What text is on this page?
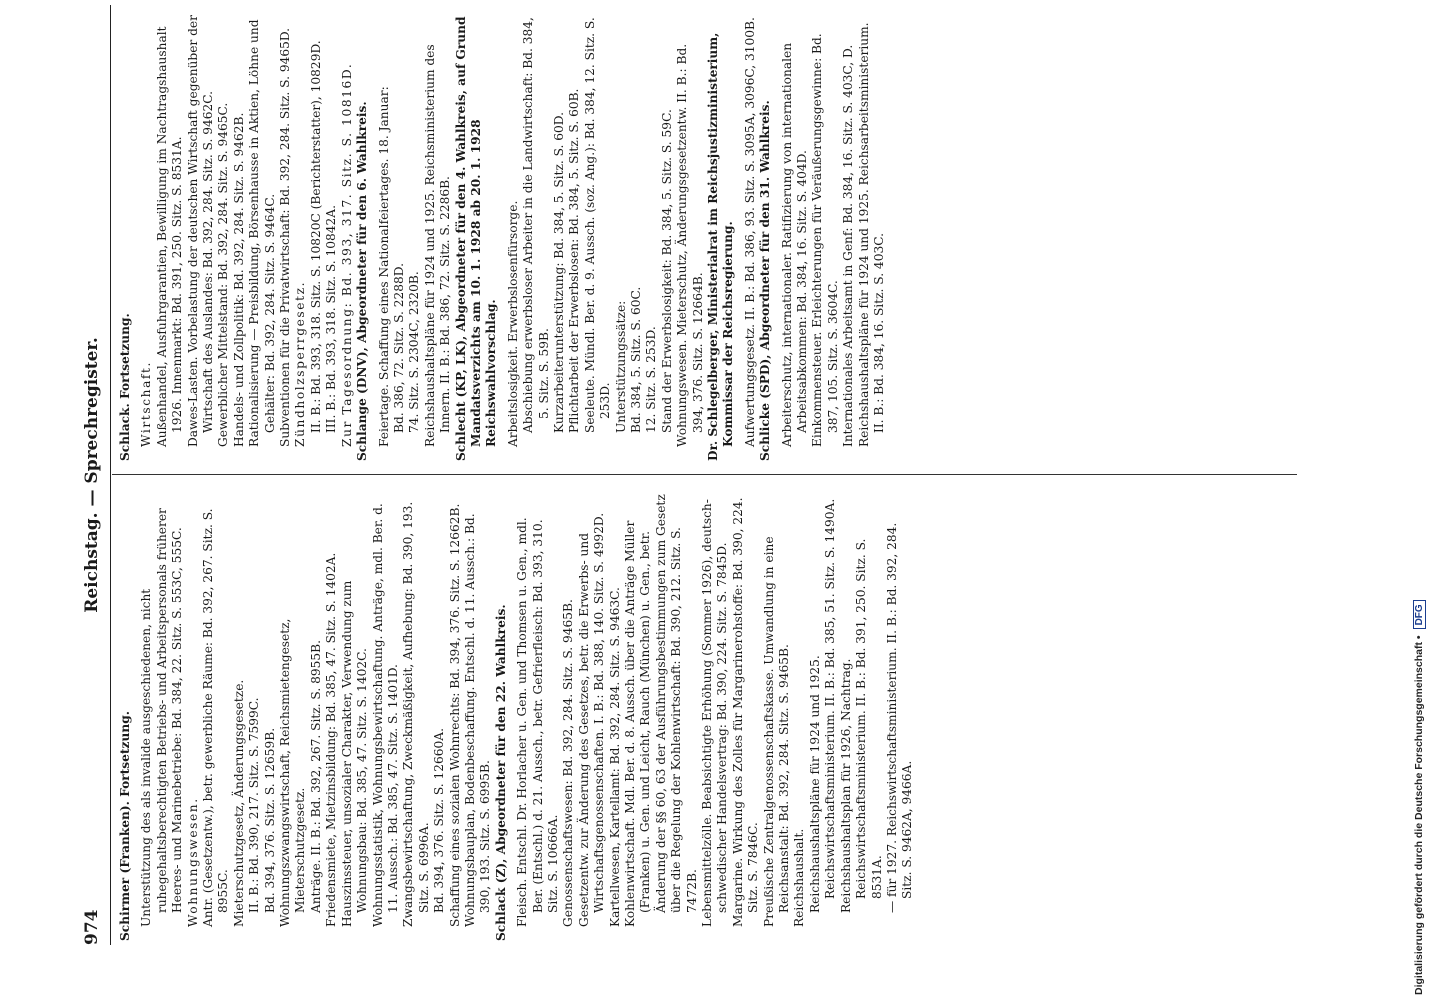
974
Reichstag. — Sprechregister.

Schirmer (Franken). Fortsetzung. Unterstützung des als invalide ausgeschiedenen, nicht ruhegehaltsberechtigten Betriebs- und Arbeitspersonals früherer Heeres- und Marinebetriebe: Bd. 384, 22. Sitz. S. 553C, 555C. Wohnungswesen. Antr. (Gesetzentw.), betr. gewerbliche Räume: Bd. 392, 267. Sitz. S. 8955C. Mieterschutzgesetz, Änderungsgesetze. II. B.: Bd. 390, 217. Sitz. S. 7599C. Bd. 394, 376. Sitz. S. 12659B. Wohnungszwangswirtschaft, Reichsmietengesetz, Mieterschutzgesetz. Anträge. II. B.: Bd. 392, 267. Sitz. S. 8955B. Friedensmiete, Mietzinsbildung: Bd. 385, 47. Sitz. S. 1402A. Hauszinssteuer, unsozialer Charakter, Verwendung zum Wohnungsbau: Bd. 385, 47. Sitz. S. 1402C. Wohnungsstatistik, Wohnungsbewirtschaftung. Anträge, mdl. Ber. d. 11. Aussch.: Bd. 385, 47. Sitz. S. 1401D. Zwangsbewirtschaftung, Zweckmäßigkeit, Aufhebung: Bd. 390, 193. Sitz. S. 6996A. Bd. 394, 376. Sitz. S. 12660A. Schaffung eines sozialen Wohnrechts: Bd. 394, 376. Sitz. S. 12662B. Wohnungsbauplan, Bodenbeschaffung. Entschl. d. 11. Aussch.: Bd. 390, 193. Sitz. S. 6995B. Schlack (Z), Abgeordneter für den 22. Wahlkreis. Fleisch. Entschl. Dr. Horlacher u. Gen. und Thomsen u. Gen., mdl. Ber. (Entschl.) d. 21. Aussch., betr. Gefrierfleisch: Bd. 393, 310. Sitz. S. 10666A. Genossenschaftswesen: Bd. 392, 284. Sitz. S. 9465B. Gesetzentw. zur Änderung des Gesetzes, betr. die Erwerbs- und Wirtschaftsgenossenschaften. I. B.: Bd. 388, 140. Sitz. S. 4992D. Kartellwesen, Kartellamt: Bd. 392, 284. Sitz. S. 9463C. Kohlenwirtschaft. Mdl. Ber. d. 8. Aussch. über die Anträge Müller (Franken) u. Gen. und Leicht, Rauch (München) u. Gen., betr. Änderung der §§ 60, 63 der Ausführungsbestimmungen zum Gesetz über die Regelung der Kohlenwirtschaft: Bd. 390, 212. Sitz. S. 7472B. Lebensmittelzölle. Beabsichtigte Erhöhung (Sommer 1926), deutsch-schwedischer Handelsvertrag: Bd. 390, 224. Sitz. S. 7845D. Margarine. Wirkung des Zolles für Margarinerohstoffe: Bd. 390, 224. Sitz. S. 7846C. Preußische Zentralgenossenschaftskasse. Umwandlung in eine Reichsanstalt: Bd. 392, 284. Sitz. S. 9465B. Reichshaushalt. Reichshaushaltspläne für 1924 und 1925. Reichswirtschaftsministerium. II. B.: Bd. 385, 51. Sitz. S. 1490A. Reichshaushaltsplan für 1926, Nachtrag. Reichswirtschaftsministerium. II. B.: Bd. 391, 250. Sitz. S. 8531A. — für 1927. Reichswirtschaftsministerium. II. B.: Bd. 392, 284. Sitz. S. 9462A, 9466A.

Schlack. Fortsetzung. Wirtschaft. Außenhandel, Ausfuhrgarantien, Bewilligung im Nachtragshaushalt 1926. Innenmarkt: Bd. 391, 250. Sitz. S. 8531A. Dawes-Lasten. Vorbelastung der deutschen Wirtschaft gegenüber der Wirtschaft des Auslandes: Bd. 392, 284. Sitz. S. 9462C. Gewerblicher Mittelstand: Bd. 392, 284. Sitz. S. 9465C. Handels- und Zollpolitik: Bd. 392, 284. Sitz. S. 9462B. Rationalisierung — Preisbildung, Börsenhausse in Aktien, Löhne und Gehälter: Bd. 392, 284. Sitz. S. 9464C. Subventionen für die Privatwirtschaft: Bd. 392, 284. Sitz. S. 9465D. Zündholzsperrgesetz. II. B.: Bd. 393, 318. Sitz. S. 10820C (Berichterstatter), 10829D. III. B.: Bd. 393, 318. Sitz. S. 10842A. Zur Tagesordnung: Bd. 393, 317. Sitz. S. 10816D. Schlange (DNV), Abgeordneter für den 6. Wahlkreis. Feiertage. Schaffung eines Nationalfeiertages. 18. Januar: Bd. 386, 72. Sitz. S. 2288D. 74. Sitz. S. 2304C, 2320B. Reichshaushaltspläne für 1924 und 1925. Reichsministerium des Innern. II. B.: Bd. 386, 72. Sitz. S. 2286B. Schlecht (KP, LK), Abgeordneter für den 4. Wahlkreis, auf Grund Mandatsverzichts am 10. 1. 1928 ab 20. 1. 1928 Reichswahlvorschlag. Arbeitslosigkeit. Erwerbslosenfürsorge. Abschiebung erwerbsloser Arbeiter in die Landwirtschaft: Bd. 384, 5. Sitz. S. 59B. Kurzarbeiterunterstützung: Bd. 384, 5. Sitz. S. 60D. Pflichtarbeit der Erwerbslosen: Bd. 384, 5. Sitz. S. 60B. Seeleute. Mündl. Ber. d. 9. Aussch. (soz. Ang.): Bd. 384, 12. Sitz. S. 253D. Unterstützungssätze: Bd. 384, 5. Sitz. S. 60C. 12. Sitz. S. 253D. Stand der Erwerbslosigkeit: Bd. 384, 5. Sitz. S. 59C. Wohnungswesen. Mieterschutz, Änderungsgesetzentw. II. B.: Bd. 394, 376. Sitz. S. 12664B. Dr. Schlegelberger, Ministerialrat im Reichsjustizministerium, Kommissar der Reichsregierung. Aufwertungsgesetz. II. B.: Bd. 386, 93. Sitz. S. 3095A, 3096C, 3100B. Schlicke (SPD), Abgeordneter für den 31. Wahlkreis. Arbeiterschutz, internationaler. Ratifizierung von internationalen Arbeitsabkommen: Bd. 384, 16. Sitz. S. 404D. Einkommensteuer. Erleichterungen für Veräußerungsgewinne: Bd. 387, 105. Sitz. S. 3604C. Internationales Arbeitsamt in Genf: Bd. 384, 16. Sitz. S. 403C, D. Reichshaushaltspläne für 1924 und 1925. Reichsarbeitsministerium. II. B.: Bd. 384, 16. Sitz. S. 403C.

Digitalisierung gefördert durch die Deutsche Forschungsgemeinschaft •
DFG
